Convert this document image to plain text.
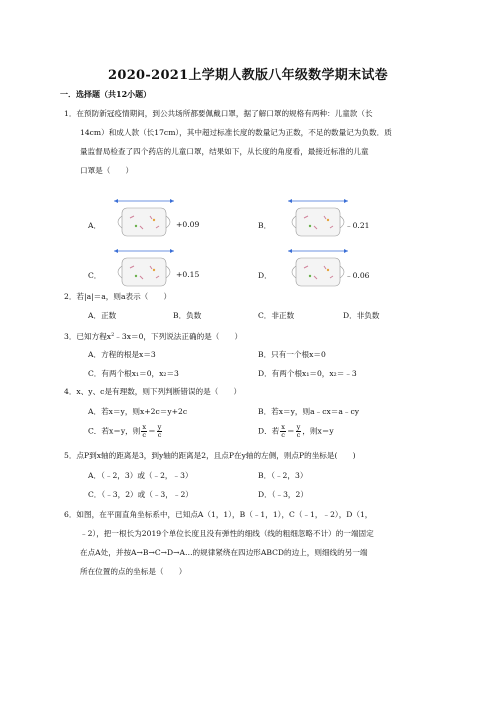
2020-2021上学期人教版八年级数学期末试卷
一．选择题（共12小题）
1．在预防新冠疫情期间，到公共场所都要佩戴口罩，据了解口罩的规格有两种：儿童款（长
14cm）和成人款（长17cm），其中超过标准长度的数量记为正数，不足的数量记为负数．质
量监督局检查了四个药店的儿童口罩，结果如下，从长度的角度看，最接近标准的儿童
口罩是（　　）
A．	+0.09	B．	﹣0.21
C．	+0.15	D．	﹣0.06
2．若|a|＝a，则a表示（　　）
A．正数	B．负数	C．非正数	D．非负数
3．已知方程$x^2﹣3x=0$，下列说法正确的是（　　）
A．方程的根是x＝3	B．只有一个根x＝0
C．有两个根x₁＝0，x₂＝3	D．有两个根x₁＝0，x₂＝﹣3
4．x、y、c是有理数，则下列判断错误的是（　　）
A．若x＝y，则x+2c＝y+2c	B．若x＝y，则a﹣cx＝a﹣cy
C．若x＝y，则 $\frac{x}{c} = \frac{y}{c}$	D．若 $\frac{x}{c} = \frac{y}{c}$ ，则x＝y
5．点P到x轴的距离是3，到y轴的距离是2，且点P在y轴的左侧，则点P的坐标是(　　)
A．（﹣2，3）或（﹣2，﹣3）	B．（﹣2，3）
C．（﹣3，2）或（﹣3，﹣2）	D．（﹣3，2）
6．如图，在平面直角坐标系中，已知点A（1，1），B（﹣1，1），C（﹣1，﹣2），D（1，
﹣2），把一根长为2019个单位长度且没有弹性的细线（线的粗细忽略不计）的一端固定
在点A处，并按A→B→C→D→A…的规律紧绕在四边形ABCD的边上，则细线的另一端
所在位置的点的坐标是（　　）
